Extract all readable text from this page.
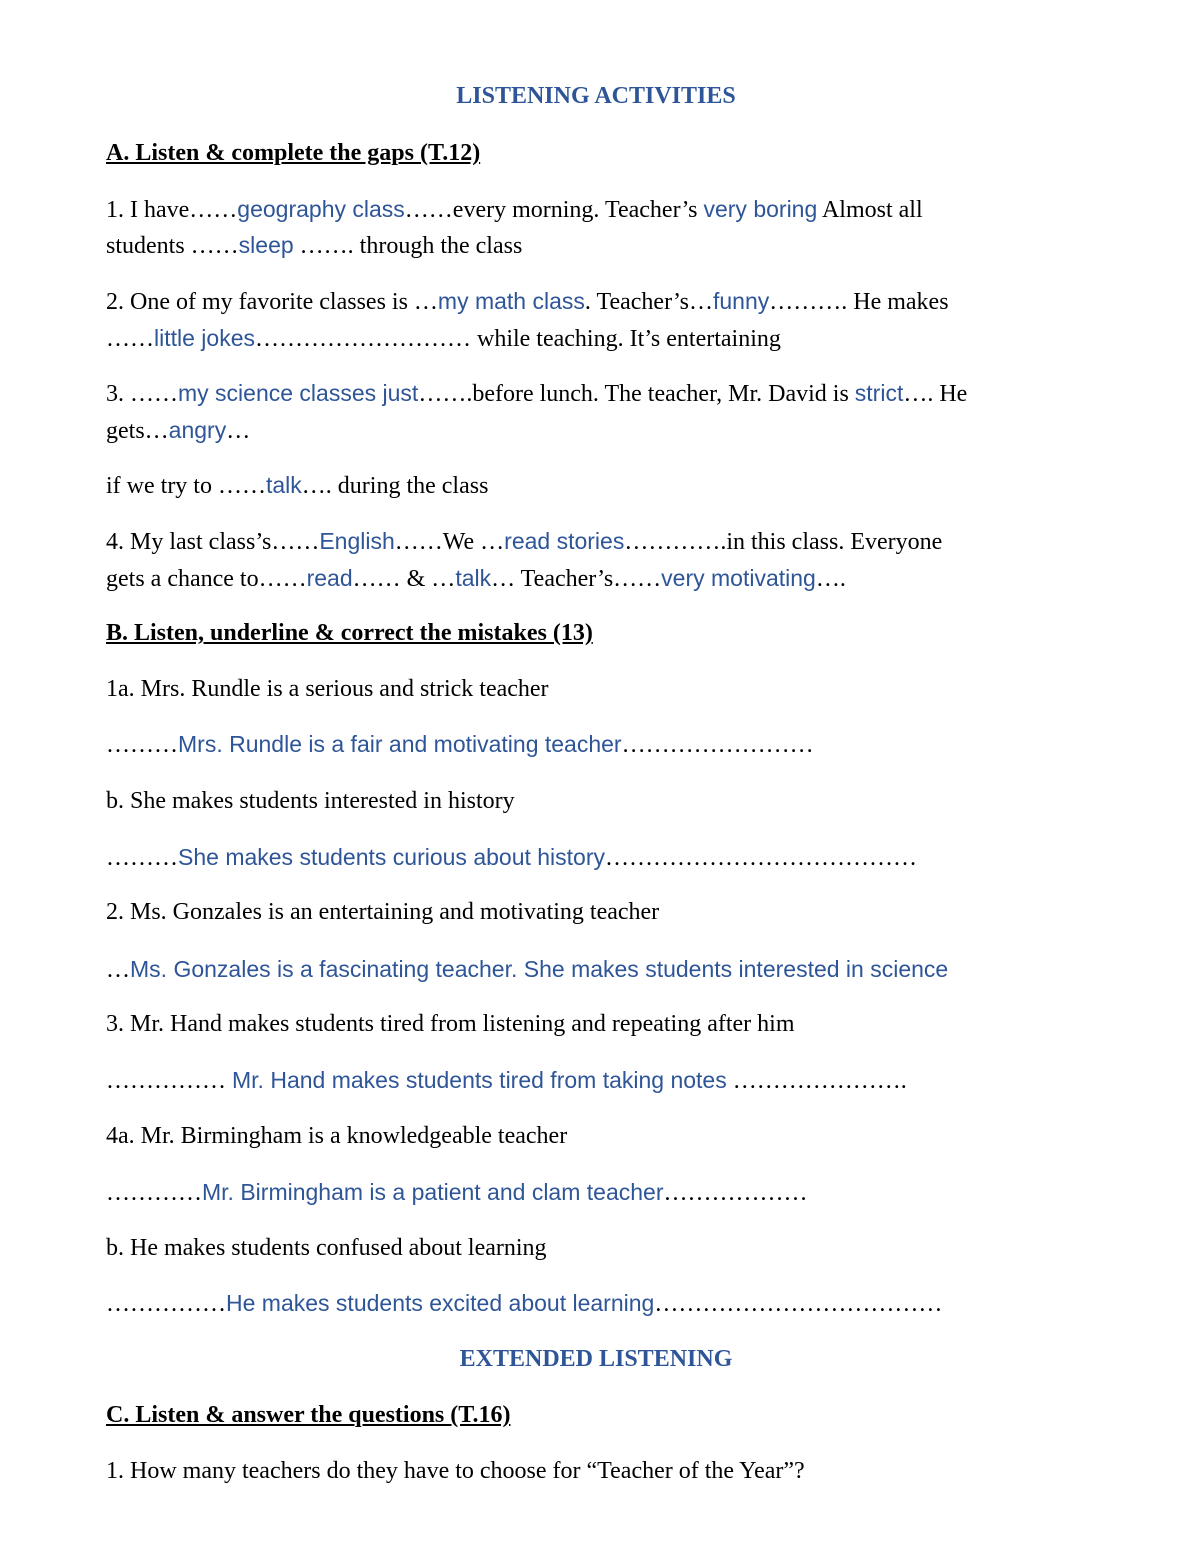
LISTENING ACTIVITIES
A. Listen & complete the gaps (T.12)
1. I have……geography class……every morning. Teacher’s very boring Almost all
students ……sleep ……. through the class
2. One of my favorite classes is …my math class. Teacher’s…funny………. He makes
……little jokes……………………… while teaching. It’s entertaining
3. ……my science classes just…….before lunch. The teacher, Mr. David is strict…. He
gets…angry…
if we try to ……talk…. during the class
4. My last class’s……English……We …read stories………….in this class. Everyone
gets a chance to……read…… & …talk… Teacher’s……very motivating….
B. Listen, underline & correct the mistakes (13)
1a. Mrs. Rundle is a serious and strick teacher
………Mrs. Rundle is a fair and motivating teacher……………………
b. She makes students interested in history
………She makes students curious about history…………………………………
2. Ms. Gonzales is an entertaining and motivating teacher
…Ms. Gonzales is a fascinating teacher. She makes students interested in science
3. Mr. Hand makes students tired from listening and repeating after him
…………… Mr. Hand makes students tired from taking notes ………………….
4a. Mr. Birmingham is a knowledgeable teacher
…………Mr. Birmingham is a patient and clam teacher………………
b. He makes students confused about learning
……………He makes students excited about learning………………………………
EXTENDED LISTENING
C. Listen & answer the questions (T.16)
1. How many teachers do they have to choose for “Teacher of the Year”?
